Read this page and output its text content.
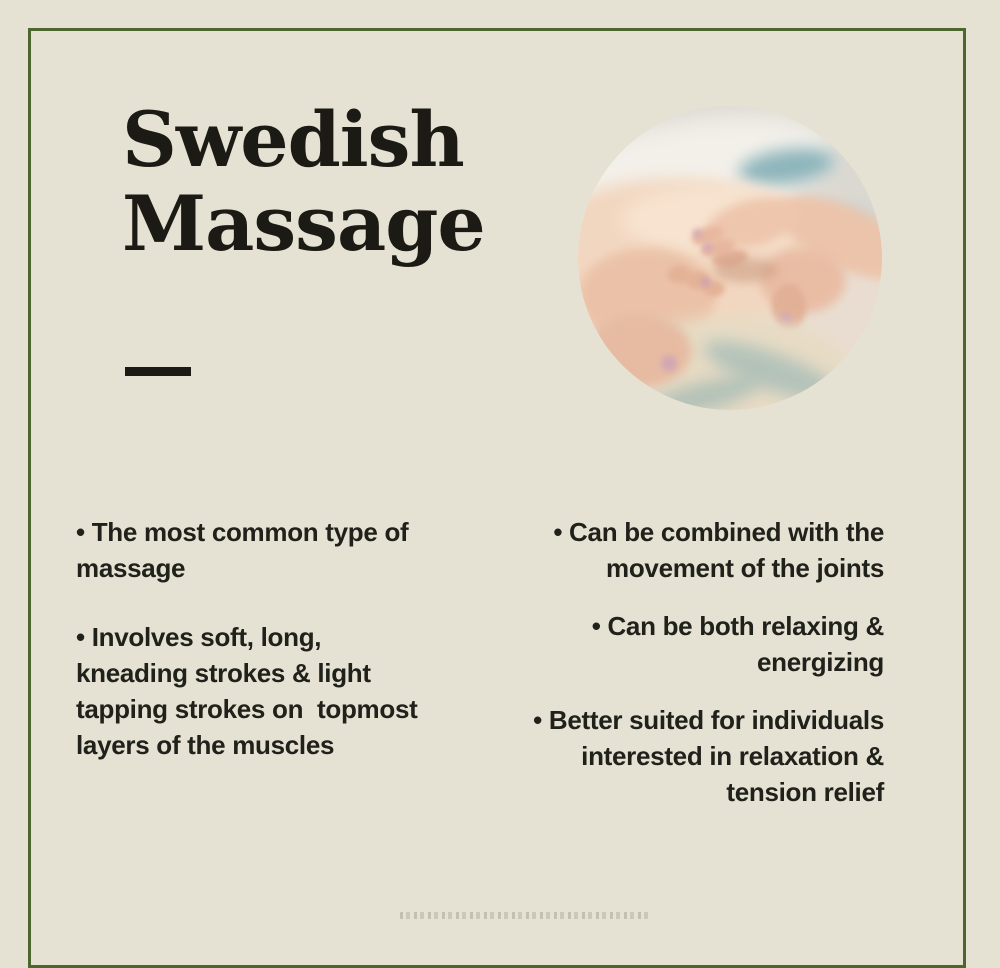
Swedish
Massage
• The most common type of
massage
• Involves soft, long,
kneading strokes & light
tapping strokes on  topmost
layers of the muscles
• Can be combined with the
movement of the joints
• Can be both relaxing &
energizing
• Better suited for individuals
interested in relaxation &
tension relief
